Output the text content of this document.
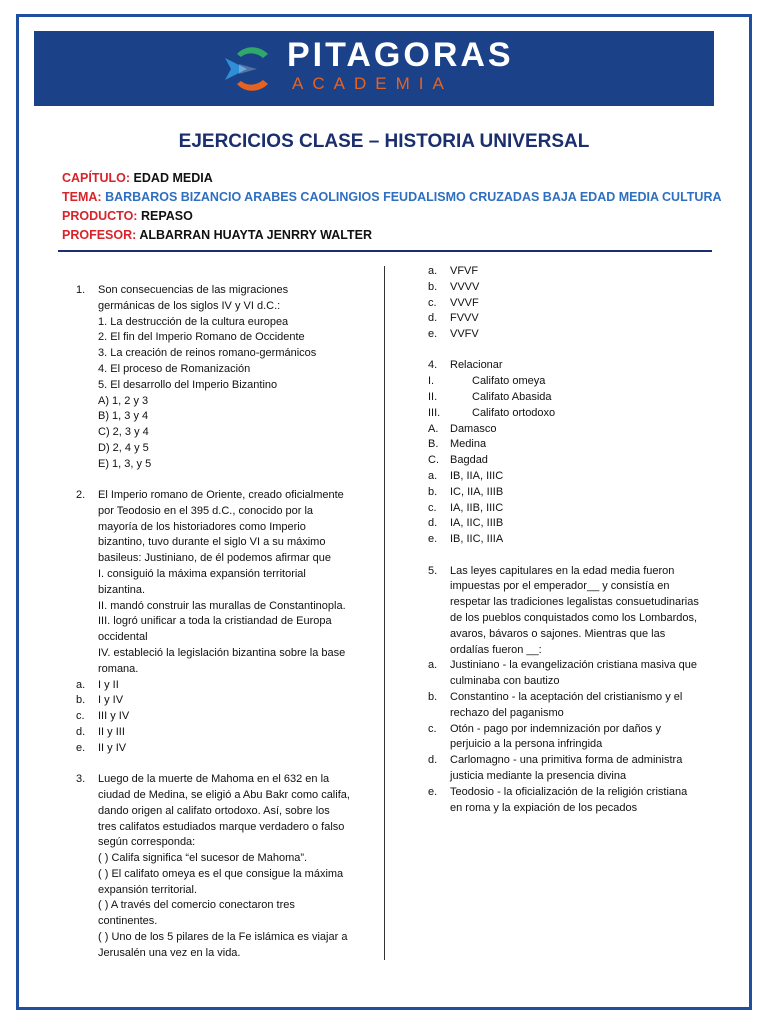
PITAGORAS
ACADEMIA
EJERCICIOS CLASE – HISTORIA UNIVERSAL
CAPÍTULO: EDAD MEDIA
TEMA: BARBAROS BIZANCIO ARABES CAOLINGIOS FEUDALISMO CRUZADAS BAJA EDAD MEDIA CULTURA
PRODUCTO: REPASO
PROFESOR: ALBARRAN HUAYTA JENRRY WALTER
1.	Son consecuencias de las migraciones
germánicas de los siglos IV y VI d.C.:
1. La destrucción de la cultura europea
2. El fin del Imperio Romano de Occidente
3. La creación de reinos romano-germánicos
4. El proceso de Romanización
5. El desarrollo del Imperio Bizantino
A) 1, 2 y 3
B) 1, 3 y 4
C) 2, 3 y 4
D) 2, 4 y 5
E) 1, 3, y 5
2.	El Imperio romano de Oriente, creado oficialmente
por Teodosio en el 395 d.C., conocido por la
mayoría de los historiadores como Imperio
bizantino, tuvo durante el siglo VI a su máximo
basileus: Justiniano, de él podemos afirmar que
I. consiguió la máxima expansión territorial
bizantina.
II. mandó construir las murallas de Constantinopla.
III. logró unificar a toda la cristiandad de Europa
occidental
IV. estableció la legislación bizantina sobre la base
romana.
a.	I y II
b.	I y IV
c.	III y IV
d.	II y III
e.	II y IV
3.	Luego de la muerte de Mahoma en el 632 en la
ciudad de Medina, se eligió a Abu Bakr como califa,
dando origen al califato ortodoxo. Así, sobre los
tres califatos estudiados marque verdadero o falso
según corresponda:
( ) Califa significa “el sucesor de Mahoma”.
( ) El califato omeya es el que consigue la máxima
expansión territorial.
( ) A través del comercio conectaron tres
continentes.
( ) Uno de los 5 pilares de la Fe islámica es viajar a
Jerusalén una vez en la vida.
a.	VFVF
b.	VVVV
c.	VVVF
d.	FVVV
e.	VVFV
4.	Relacionar
I.	Califato omeya
II.	Califato Abasida
III.	Califato ortodoxo
A.	Damasco
B.	Medina
C.	Bagdad
a.	IB, IIA, IIIC
b.	IC, IIA, IIIB
c.	IA, IIB, IIIC
d.	IA, IIC, IIIB
e.	IB, IIC, IIIA
5.	Las leyes capitulares en la edad media fueron
impuestas por el emperador__ y consistía en
respetar las tradiciones legalistas consuetudinarias
de los pueblos conquistados como los Lombardos,
avaros, bávaros o sajones. Mientras que las
ordalías fueron __:
a.	Justiniano - la evangelización cristiana masiva que
culminaba con bautizo
b.	Constantino - la aceptación del cristianismo y el
rechazo del paganismo
c.	Otón - pago por indemnización por daños y
perjuicio a la persona infringida
d.	Carlomagno - una primitiva forma de administra
justicia mediante la presencia divina
e.	Teodosio - la oficialización de la religión cristiana
en roma y la expiación de los pecados
